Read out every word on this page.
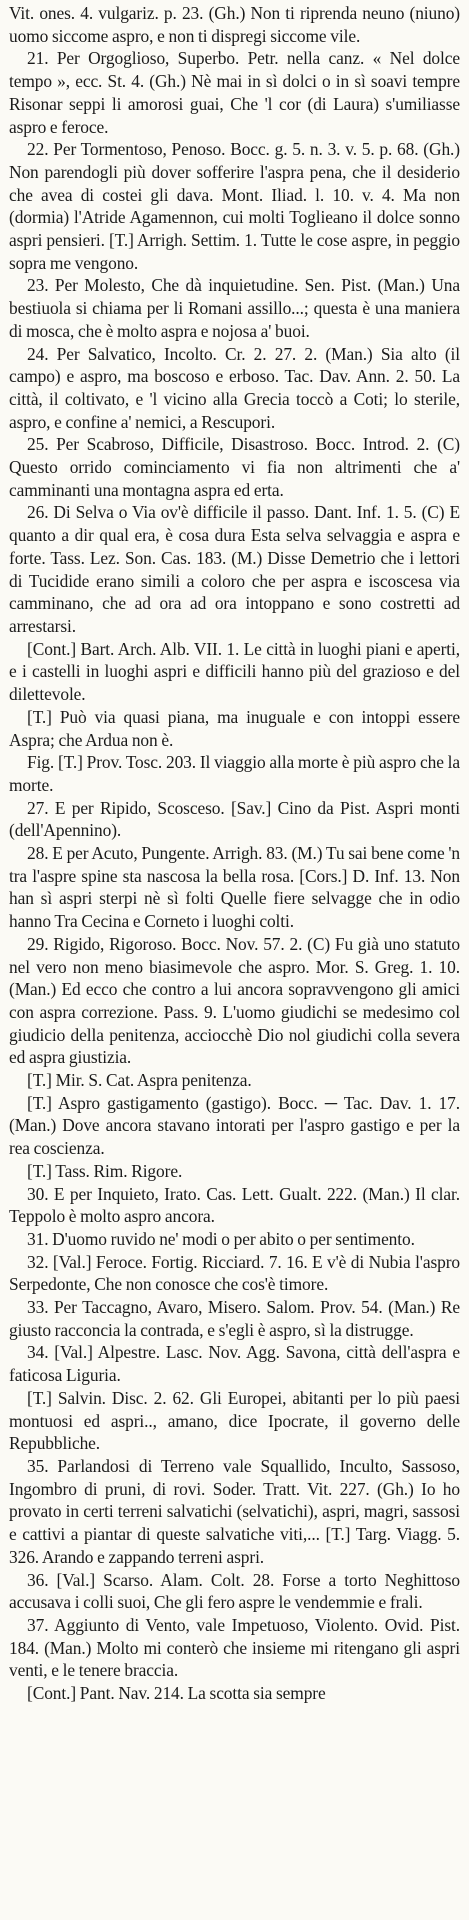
Vit. ones. 4. vulgariz. p. 23. (Gh.) Non ti riprenda neuno (niuno) uomo siccome aspro, e non ti dispregi siccome vile.

21. Per Orgoglioso, Superbo. Petr. nella canz. « Nel dolce tempo », ecc. St. 4. (Gh.) Nè mai in sì dolci o in sì soavi tempre Risonar seppi li amorosi guai, Che 'l cor (di Laura) s'umiliasse aspro e feroce.

22. Per Tormentoso, Penoso. Bocc. g. 5. n. 3. v. 5. p. 68. (Gh.) Non parendogli più dover sofferire l'aspra pena, che il desiderio che avea di costei gli dava. Mont. Iliad. l. 10. v. 4. Ma non (dormia) l'Atride Agamennon, cui molti Toglieano il dolce sonno aspri pensieri. [T.] Arrigh. Settim. 1. Tutte le cose aspre, in peggio sopra me vengono.

23. Per Molesto, Che dà inquietudine. Sen. Pist. (Man.) Una bestiuola si chiama per li Romani assillo...; questa è una maniera di mosca, che è molto aspra e nojosa a' buoi.

24. Per Salvatico, Incolto. Cr. 2. 27. 2. (Man.) Sia alto (il campo) e aspro, ma boscoso e erboso. Tac. Dav. Ann. 2. 50. La città, il coltivato, e 'l vicino alla Grecia toccò a Coti; lo sterile, aspro, e confine a' nemici, a Rescupori.

25. Per Scabroso, Difficile, Disastroso. Bocc. Introd. 2. (C) Questo orrido cominciamento vi fia non altrimenti che a' camminanti una montagna aspra ed erta.

26. Di Selva o Via ov'è difficile il passo. Dant. Inf. 1. 5. (C) E quanto a dir qual era, è cosa dura Esta selva selvaggia e aspra e forte. Tass. Lez. Son. Cas. 183. (M.) Disse Demetrio che i lettori di Tucidide erano simili a coloro che per aspra e iscoscesa via camminano, che ad ora ad ora intoppano e sono costretti ad arrestarsi.

[Cont.] Bart. Arch. Alb. VII. 1. Le città in luoghi piani e aperti, e i castelli in luoghi aspri e difficili hanno più del grazioso e del dilettevole.

[T.] Può via quasi piana, ma inuguale e con intoppi essere Aspra; che Ardua non è.

Fig. [T.] Prov. Tosc. 203. Il viaggio alla morte è più aspro che la morte.

27. E per Ripido, Scosceso. [Sav.] Cino da Pist. Aspri monti (dell'Apennino).

28. E per Acuto, Pungente. Arrigh. 83. (M.) Tu sai bene come 'n tra l'aspre spine sta nascosa la bella rosa. [Cors.] D. Inf. 13. Non han sì aspri sterpi nè sì folti Quelle fiere selvagge che in odio hanno Tra Cecina e Corneto i luoghi colti.

29. Rigido, Rigoroso. Bocc. Nov. 57. 2. (C) Fu già uno statuto nel vero non meno biasimevole che aspro. Mor. S. Greg. 1. 10. (Man.) Ed ecco che contro a lui ancora sopravvengono gli amici con aspra correzione. Pass. 9. L'uomo giudichi se medesimo col giudicio della penitenza, acciocchè Dio nol giudichi colla severa ed aspra giustizia.

[T.] Mir. S. Cat. Aspra penitenza.

[T.] Aspro gastigamento (gastigo). Bocc. ─ Tac. Dav. 1. 17. (Man.) Dove ancora stavano intorati per l'aspro gastigo e per la rea coscienza.

[T.] Tass. Rim. Rigore.

30. E per Inquieto, Irato. Cas. Lett. Gualt. 222. (Man.) Il clar. Teppolo è molto aspro ancora.

31. D'uomo ruvido ne' modi o per abito o per sentimento.

32. [Val.] Feroce. Fortig. Ricciard. 7. 16. E v'è di Nubia l'aspro Serpedonte, Che non conosce che cos'è timore.

33. Per Taccagno, Avaro, Misero. Salom. Prov. 54. (Man.) Re giusto racconcia la contrada, e s'egli è aspro, sì la distrugge.

34. [Val.] Alpestre. Lasc. Nov. Agg. Savona, città dell'aspra e faticosa Liguria.

[T.] Salvin. Disc. 2. 62. Gli Europei, abitanti per lo più paesi montuosi ed aspri.., amano, dice Ipocrate, il governo delle Repubbliche.

35. Parlandosi di Terreno vale Squallido, Inculto, Sassoso, Ingombro di pruni, di rovi. Soder. Tratt. Vit. 227. (Gh.) Io ho provato in certi terreni salvatichi (selvatichi), aspri, magri, sassosi e cattivi a piantar di queste salvatiche viti,... [T.] Targ. Viagg. 5. 326. Arando e zappando terreni aspri.

36. [Val.] Scarso. Alam. Colt. 28. Forse a torto Neghittoso accusava i colli suoi, Che gli fero aspre le vendemmie e frali.

37. Aggiunto di Vento, vale Impetuoso, Violento. Ovid. Pist. 184. (Man.) Molto mi conterò che insieme mi ritengano gli aspri venti, e le tenere braccia.

[Cont.] Pant. Nav. 214. La scotta sia sempre
